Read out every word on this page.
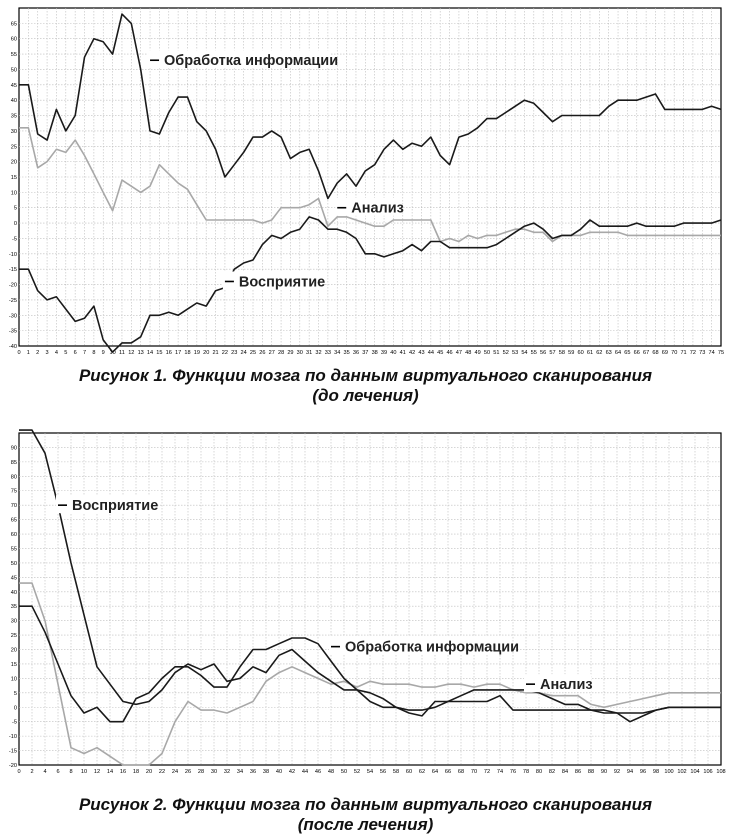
0 1 2 3 4 5 6 7 8 9 10 11 12 13 14 15 16 17 18 19 20 21 22 23 24 25 26 27 28 29 30 31 32 33 34 35 36 37 38 39 40 41 42 43 44 45 46 47 48 49 50 51 52 53 54 55 56 57 58 59 60 61 62 63 64 65 66 67 68 69 70 71 72 73 74 75
-40
-35
-30
-25
-20
-15
-10
-5
0
5
10
15
20
25
30
35
40
45
50
55
60
65
Обработка информации
Анализ
Восприятие
Рисунок 1. Функции мозга по данным виртуального сканирования
(до лечения)
0 2 4 6 8 10 12 14 16 18 20 22 24 26 28 30 32 34 36 38 40 42 44 46 48 50 52 54 56 58 60 62 64 66 68 70 72 74 76 78 80 82 84 86 88 90 92 94 96 98 100 102 104 106 108
-20
-15
-10
-5
0
5
10
15
20
25
30
35
40
45
50
55
60
65
70
75
80
85
90
Восприятие
Обработка информации
Анализ
Рисунок 2. Функции мозга по данным виртуального сканирования
(после лечения)
